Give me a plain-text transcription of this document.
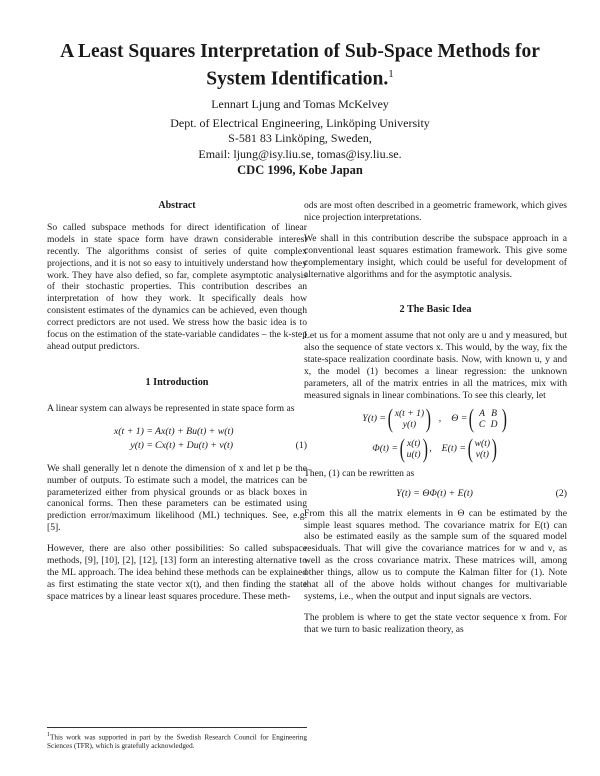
A Least Squares Interpretation of Sub-Space Methods for
System Identification.$^1$
Lennart Ljung and Tomas McKelvey
Dept. of Electrical Engineering, Linköping University
S-581 83 Linköping, Sweden,
Email: ljung@isy.liu.se, tomas@isy.liu.se.
CDC 1996, Kobe Japan
Abstract

So called subspace methods for direct identification of linear models in state space form have drawn considerable interest recently. The algorithms consist of series of quite complex projections, and it is not so easy to intuitively understand how they work. They have also defied, so far, complete asymptotic analysis of their stochastic properties. This contribution describes an interpretation of how they work. It specifically deals how consistent estimates of the dynamics can be achieved, even though correct predictors are not used. We stress how the basic idea is to focus on the estimation of the state-variable candidates – the k-step ahead output predictors.

1 Introduction

A linear system can always be represented in state space form as

x(t + 1) = Ax(t) + Bu(t) + w(t)
y(t) = Cx(t) + Du(t) + ν(t)	(1)

We shall generally let n denote the dimension of x and let p be the number of outputs. To estimate such a model, the matrices can be parameterized either from physical grounds or as black boxes in canonical forms. Then these parameters can be estimated using prediction error/maximum likelihood (ML) techniques. See, e.g. [5].

However, there are also other possibilities: So called subspace methods, [9], [10], [2], [12], [13] form an interesting alternative to the ML approach. The idea behind these methods can be explained as first estimating the state vector x(t), and then finding the state space matrices by a linear least squares procedure. These meth-

$^1$This work was supported in part by the Swedish Research Council for Engineering Sciences (TFR), which is gratefully acknowledged.

ods are most often described in a geometric framework, which gives nice projection interpretations.

We shall in this contribution describe the subspace approach in a conventional least squares estimation framework. This give some complementary insight, which could be useful for development of alternative algorithms and for the asymptotic analysis.

2 The Basic Idea

Let us for a moment assume that not only are u and y measured, but also the sequence of state vectors x. This would, by the way, fix the state-space realization coordinate basis. Now, with known u, y and x, the model (1) becomes a linear regression: the unknown parameters, all of the matrix entries in all the matrices, mix with measured signals in linear combinations. To see this clearly, let

Y(t) = ( x(t + 1)
y(t) ) , Θ = ( A B
C D )
Φ(t) = ( x(t)
u(t) ) , E(t) = ( w(t)
ν(t) )

Then, (1) can be rewritten as

Y(t) = ΘΦ(t) + E(t)	(2)

From this all the matrix elements in Θ can be estimated by the simple least squares method. The covariance matrix for E(t) can also be estimated easily as the sample sum of the squared model residuals. That will give the covariance matrices for w and ν, as well as the cross covariance matrix. These matrices will, among other things, allow us to compute the Kalman filter for (1). Note that all of the above holds without changes for multivariable systems, i.e., when the output and input signals are vectors.

The problem is where to get the state vector sequence x from. For that we turn to basic realization theory, as
